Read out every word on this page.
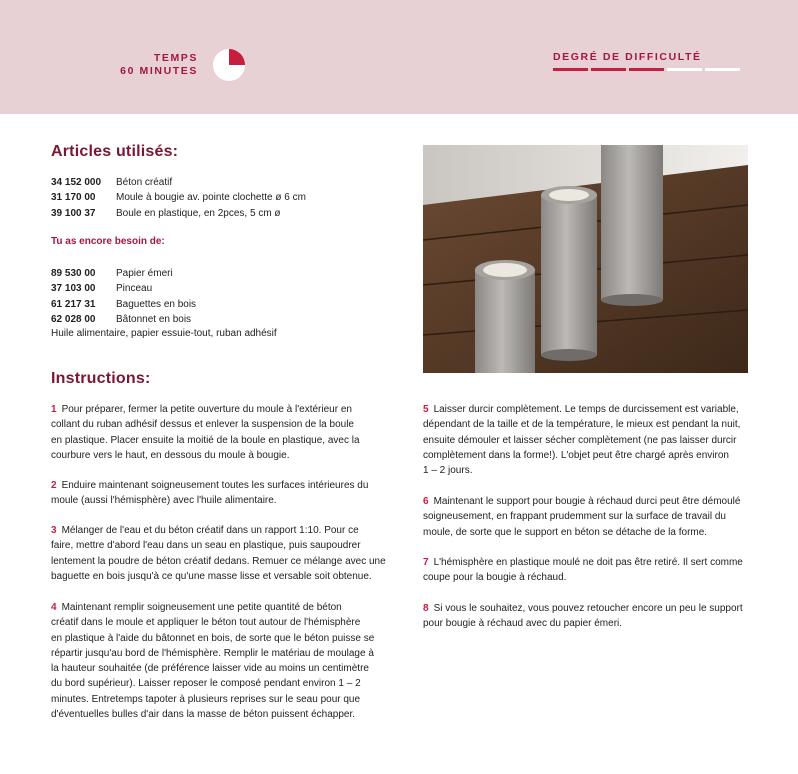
TEMPS
60 MINUTES
DEGRÉ DE DIFFICULTÉ
Articles utilisés:
34 152 000	Béton créatif
31 170 00	Moule à bougie av. pointe clochette ø 6 cm
39 100 37	Boule en plastique, en 2pces, 5 cm ø
Tu as encore besoin de:
89 530 00	Papier émeri
37 103 00	Pinceau
61 217 31	Baguettes en bois
62 028 00	Bâtonnet en bois
Huile alimentaire, papier essuie-tout, ruban adhésif
Instructions:
1 Pour préparer, fermer la petite ouverture du moule à l'extérieur en
collant du ruban adhésif dessus et enlever la suspension de la boule
en plastique. Placer ensuite la moitié de la boule en plastique, avec la
courbure vers le haut, en dessous du moule à bougie.
2 Enduire maintenant soigneusement toutes les surfaces intérieures du
moule (aussi l'hémisphère) avec l'huile alimentaire.
3 Mélanger de l'eau et du béton créatif dans un rapport 1:10. Pour ce
faire, mettre d'abord l'eau dans un seau en plastique, puis saupoudrer
lentement la poudre de béton créatif dedans. Remuer ce mélange avec une
baguette en bois jusqu'à ce qu'une masse lisse et versable soit obtenue.
4 Maintenant remplir soigneusement une petite quantité de béton
créatif dans le moule et appliquer le béton tout autour de l'hémisphère
en plastique à l'aide du bâtonnet en bois, de sorte que le béton puisse se
répartir jusqu'au bord de l'hémisphère. Remplir le matériau de moulage à
la hauteur souhaitée (de préférence laisser vide au moins un centimètre
du bord supérieur). Laisser reposer le composé pendant environ 1 – 2
minutes. Entretemps tapoter à plusieurs reprises sur le seau pour que
d'éventuelles bulles d'air dans la masse de béton puissent échapper.
5 Laisser durcir complètement. Le temps de durcissement est variable,
dépendant de la taille et de la température, le mieux est pendant la nuit,
ensuite démouler et laisser sécher complètement (ne pas laisser durcir
complètement dans la forme!). L'objet peut être chargé après environ
1 – 2 jours.
6 Maintenant le support pour bougie à réchaud durci peut être démoulé
soigneusement, en frappant prudemment sur la surface de travail du
moule, de sorte que le support en béton se détache de la forme.
7 L'hémisphère en plastique moulé ne doit pas être retiré. Il sert comme
coupe pour la bougie à réchaud.
8 Si vous le souhaitez, vous pouvez retoucher encore un peu le support
pour bougie à réchaud avec du papier émeri.
